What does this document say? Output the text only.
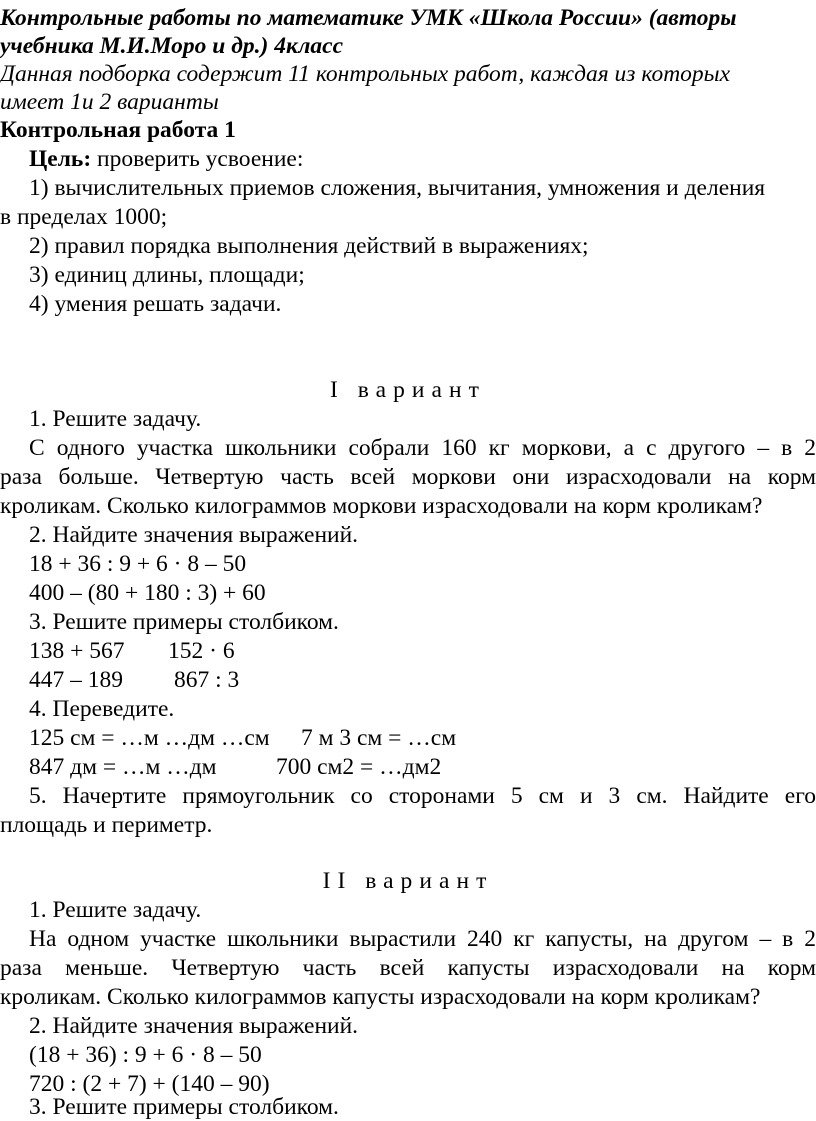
Контрольные работы по математике УМК «Школа России» (авторы
учебника М.И.Моро и др.) 4класс
Данная подборка содержит 11 контрольных работ, каждая из которых
имеет 1и 2 варианты
Контрольная работа 1
Цель: проверить усвоение:
1) вычислительных приемов сложения, вычитания, умножения и деления
в пределах 1000;
2) правил порядка выполнения действий в выражениях;
3) единиц длины, площади;
4) умения решать задачи.
I вариант
1. Решите задачу.
С одного участка школьники собрали 160 кг моркови, а с другого – в 2
раза больше. Четвертую часть всей моркови они израсходовали на корм
кроликам. Сколько килограммов моркови израсходовали на корм кроликам?
2. Найдите значения выражений.
18 + 36 : 9 + 6 · 8 – 50
400 – (80 + 180 : 3) + 60
3. Решите примеры столбиком.
138 + 567 152 · 6
447 – 189 867 : 3
4. Переведите.
125 см = …м …дм …см 7 м 3 см = …см
847 дм = …м …дм	700 см2 = …дм2
5. Начертите прямоугольник со сторонами 5 см и 3 см. Найдите его
площадь и периметр.
II вариант
1. Решите задачу.
На одном участке школьники вырастили 240 кг капусты, на другом – в 2
раза меньше. Четвертую часть всей капусты израсходовали на корм
кроликам. Сколько килограммов капусты израсходовали на корм кроликам?
2. Найдите значения выражений.
(18 + 36) : 9 + 6 · 8 – 50
720 : (2 + 7) + (140 – 90)
3. Решите примеры столбиком.
